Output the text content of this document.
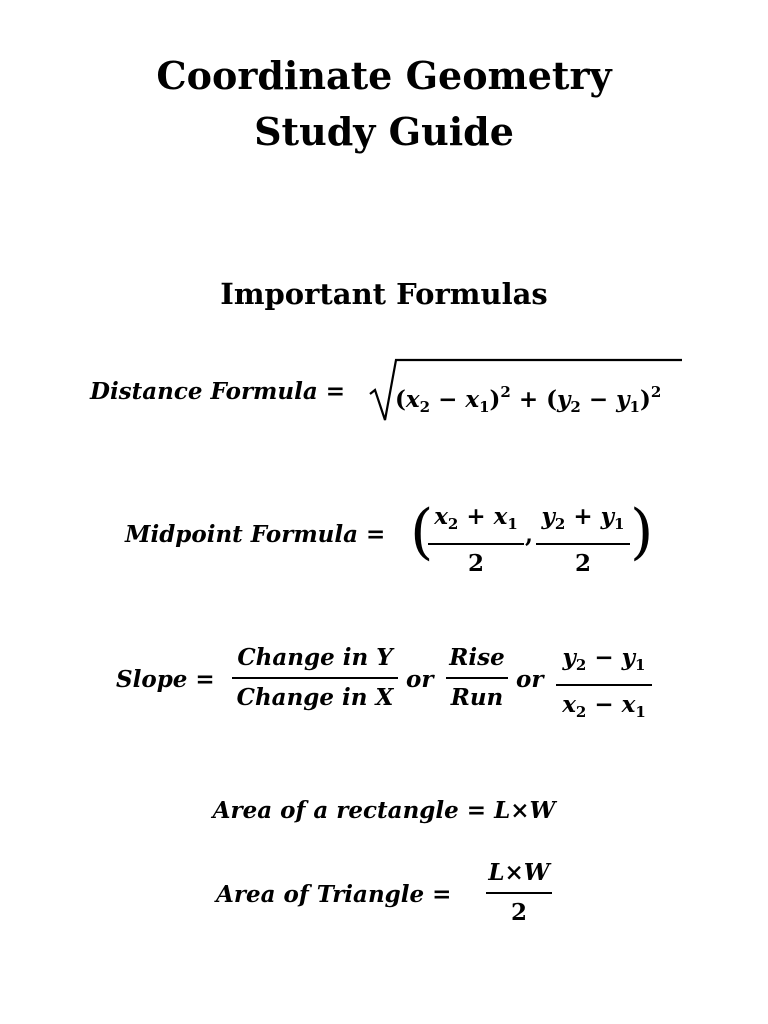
Coordinate Geometry
Study Guide
Important Formulas
Distance Formula = $(x_2 - x_1)^2 + (y_2 - y_1)^2$
Midpoint Formula = ( $x_2 + x_1$
2
,
$y_2 + y_1$
2 )
Slope =
Change in Y
Change in X
or
Rise
Run
or
$y_2 - y_1$
$x_2 - x_1$
Area of a rectangle = L×W
Area of Triangle =
L×W
2
